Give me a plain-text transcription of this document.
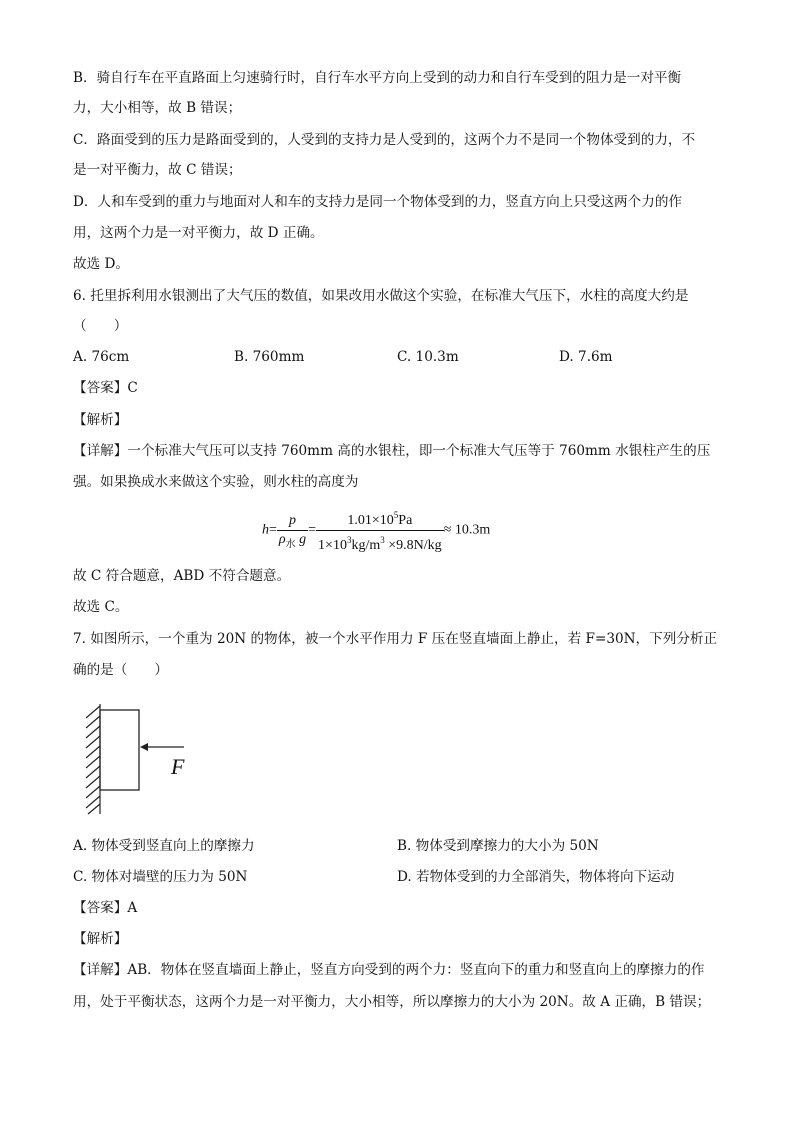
B．骑自行车在平直路面上匀速骑行时，自行车水平方向上受到的动力和自行车受到的阻力是一对平衡
力，大小相等，故 B 错误；
C．路面受到的压力是路面受到的，人受到的支持力是人受到的，这两个力不是同一个物体受到的力，不
是一对平衡力，故 C 错误；
D．人和车受到的重力与地面对人和车的支持力是同一个物体受到的力，竖直方向上只受这两个力的作
用，这两个力是一对平衡力，故 D 正确。
故选 D。
6. 托里拆利用水银测出了大气压的数值，如果改用水做这个实验，在标准大气压下，水柱的高度大约是
（　　）
A. 76cm	B. 760mm	C. 10.3m	D. 7.6m
【答案】C
【解析】
【详解】一个标准大气压可以支持 760mm 高的水银柱，即一个标准大气压等于 760mm 水银柱产生的压
强。如果换成水来做这个实验，则水柱的高度为
$h= \frac{p}{\rho_水 g} = \frac{1.01\times 10^5Pa}{1\times 10^3kg/m^3 \times 9.8N/kg} \approx 10.3m$
故 C 符合题意，ABD 不符合题意。
故选 C。
7. 如图所示，一个重为 20N 的物体，被一个水平作用力 F 压在竖直墙面上静止，若 F=30N，下列分析正
确的是（　　）
F
A. 物体受到竖直向上的摩擦力	B. 物体受到摩擦力的大小为 50N
C. 物体对墙壁的压力为 50N	D. 若物体受到的力全部消失，物体将向下运动
【答案】A
【解析】
【详解】AB．物体在竖直墙面上静止，竖直方向受到的两个力：竖直向下的重力和竖直向上的摩擦力的作
用，处于平衡状态，这两个力是一对平衡力，大小相等，所以摩擦力的大小为 20N。故 A 正确，B 错误；
